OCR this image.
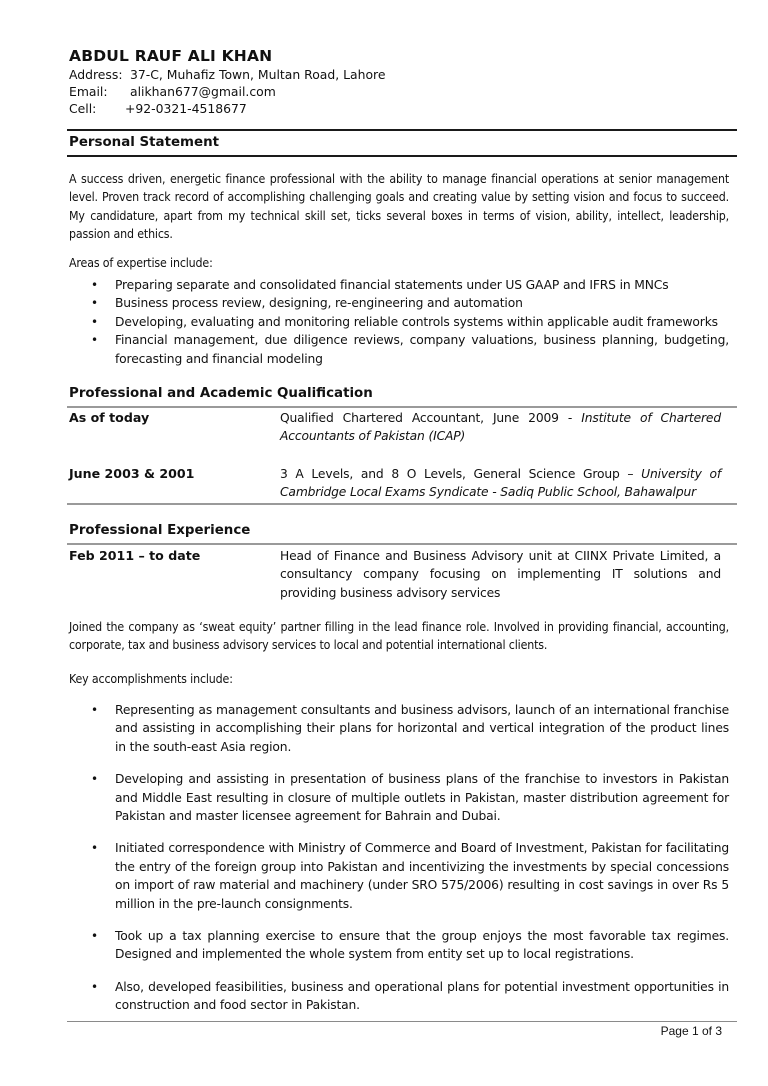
ABDUL RAUF ALI KHAN
Address: 37-C, Muhafiz Town, Multan Road, Lahore
Email: alikhan677@gmail.com
Cell: +92-0321-4518677
Personal Statement
A success driven, energetic finance professional with the ability to manage financial operations at senior management level. Proven track record of accomplishing challenging goals and creating value by setting vision and focus to succeed. My candidature, apart from my technical skill set, ticks several boxes in terms of vision, ability, intellect, leadership, passion and ethics.
Areas of expertise include:
• Preparing separate and consolidated financial statements under US GAAP and IFRS in MNCs
• Business process review, designing, re-engineering and automation
• Developing, evaluating and monitoring reliable controls systems within applicable audit frameworks
• Financial management, due diligence reviews, company valuations, business planning, budgeting, forecasting and financial modeling
Professional and Academic Qualification
As of today	Qualified Chartered Accountant, June 2009 - Institute of Chartered Accountants of Pakistan (ICAP)
June 2003 & 2001	3 A Levels, and 8 O Levels, General Science Group – University of Cambridge Local Exams Syndicate - Sadiq Public School, Bahawalpur
Professional Experience
Feb 2011 – to date	Head of Finance and Business Advisory unit at CIINX Private Limited, a consultancy company focusing on implementing IT solutions and providing business advisory services
Joined the company as ‘sweat equity’ partner filling in the lead finance role. Involved in providing financial, accounting, corporate, tax and business advisory services to local and potential international clients.
Key accomplishments include:
• Representing as management consultants and business advisors, launch of an international franchise and assisting in accomplishing their plans for horizontal and vertical integration of the product lines in the south-east Asia region.
• Developing and assisting in presentation of business plans of the franchise to investors in Pakistan and Middle East resulting in closure of multiple outlets in Pakistan, master distribution agreement for Pakistan and master licensee agreement for Bahrain and Dubai.
• Initiated correspondence with Ministry of Commerce and Board of Investment, Pakistan for facilitating the entry of the foreign group into Pakistan and incentivizing the investments by special concessions on import of raw material and machinery (under SRO 575/2006) resulting in cost savings in over Rs 5 million in the pre-launch consignments.
• Took up a tax planning exercise to ensure that the group enjoys the most favorable tax regimes. Designed and implemented the whole system from entity set up to local registrations.
• Also, developed feasibilities, business and operational plans for potential investment opportunities in construction and food sector in Pakistan.
Page 1 of 3
